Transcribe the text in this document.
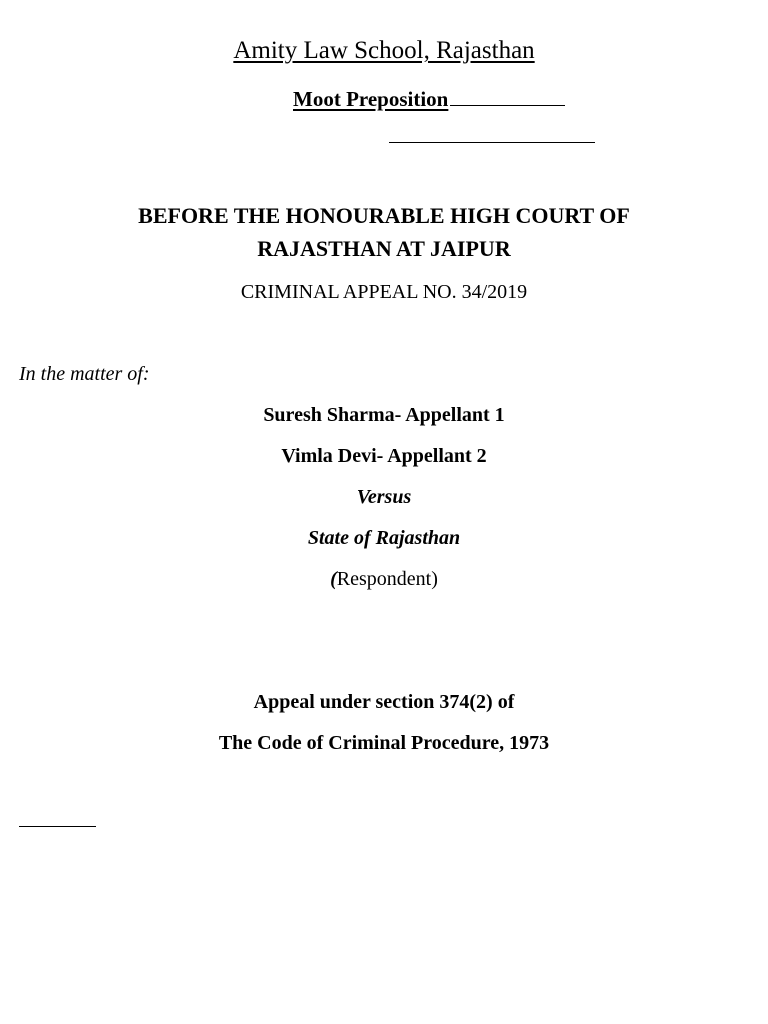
Amity Law School, Rajasthan
Moot Preposition
BEFORE THE HONOURABLE HIGH COURT OF
RAJASTHAN AT JAIPUR
CRIMINAL APPEAL NO. 34/2019
In the matter of:
Suresh Sharma- Appellant 1
Vimla Devi- Appellant 2
Versus
State of Rajasthan
(Respondent)
Appeal under section 374(2) of
The Code of Criminal Procedure, 1973
